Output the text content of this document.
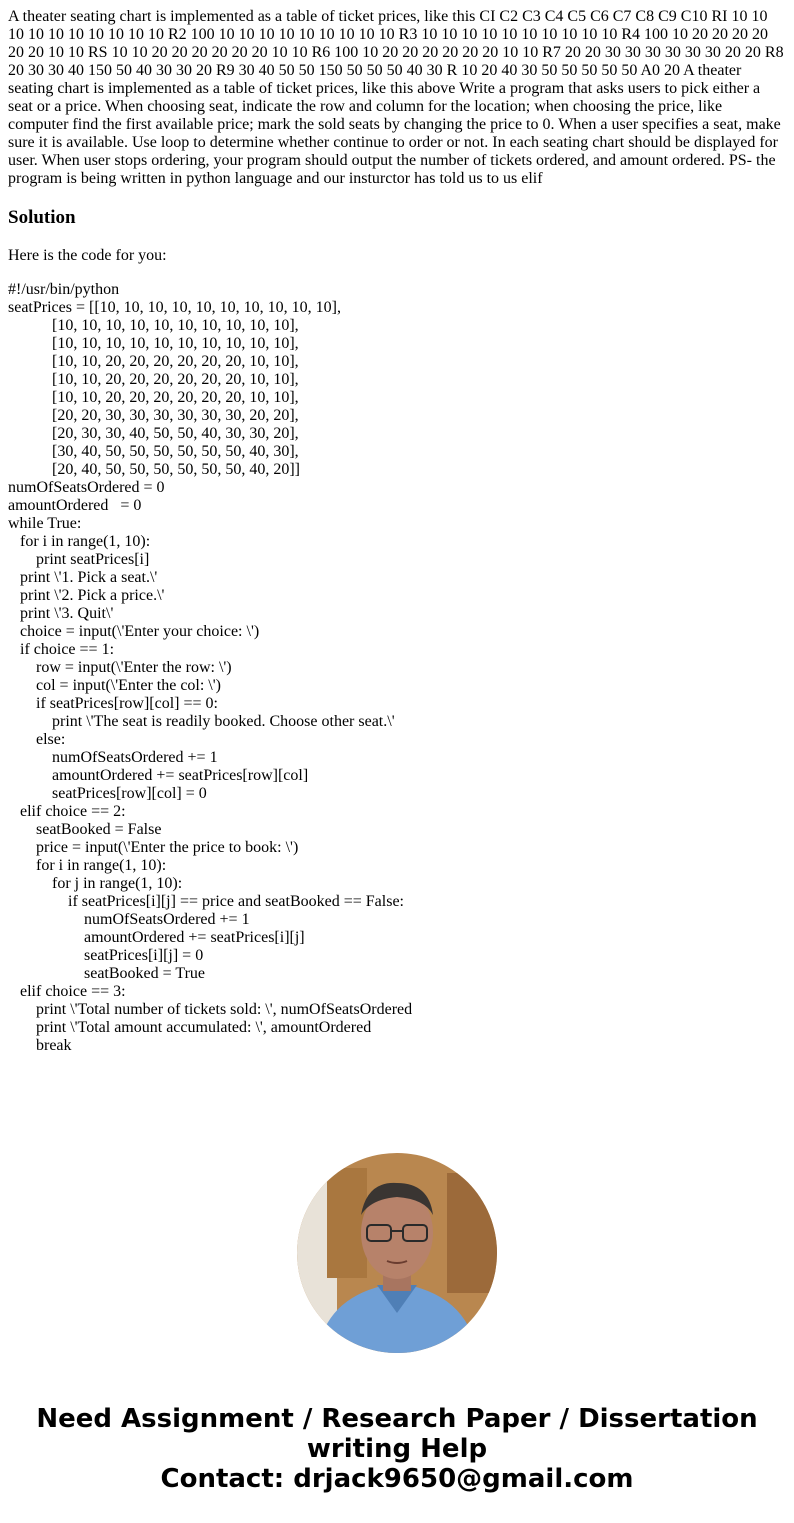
A theater seating chart is implemented as a table of ticket prices, like this CI C2 C3 C4 C5 C6 C7 C8 C9 C10 RI 10 10 10 10 10 10 10 10 10 10 R2 100 10 10 10 10 10 10 10 10 10 R3 10 10 10 10 10 10 10 10 10 10 R4 100 10 20 20 20 20 20 20 10 10 RS 10 10 20 20 20 20 20 20 10 10 R6 100 10 20 20 20 20 20 20 10 10 R7 20 20 30 30 30 30 30 30 20 20 R8 20 30 30 40 150 50 40 30 30 20 R9 30 40 50 50 150 50 50 50 40 30 R 10 20 40 30 50 50 50 50 50 A0 20 A theater seating chart is implemented as a table of ticket prices, like this above Write a program that asks users to pick either a seat or a price. When choosing seat, indicate the row and column for the location; when choosing the price, like computer find the first available price; mark the sold seats by changing the price to 0. When a user specifies a seat, make sure it is available. Use loop to determine whether continue to order or not. In each seating chart should be displayed for user. When user stops ordering, your program should output the number of tickets ordered, and amount ordered. PS- the program is being written in python language and our insturctor has told us to us elif

Solution

Here is the code for you:

#!/usr/bin/python
seatPrices = [[10, 10, 10, 10, 10, 10, 10, 10, 10, 10],
[10, 10, 10, 10, 10, 10, 10, 10, 10, 10],
[10, 10, 10, 10, 10, 10, 10, 10, 10, 10],
[10, 10, 20, 20, 20, 20, 20, 20, 10, 10],
[10, 10, 20, 20, 20, 20, 20, 20, 10, 10],
[10, 10, 20, 20, 20, 20, 20, 20, 10, 10],
[20, 20, 30, 30, 30, 30, 30, 30, 20, 20],
[20, 30, 30, 40, 50, 50, 40, 30, 30, 20],
[30, 40, 50, 50, 50, 50, 50, 50, 40, 30],
[20, 40, 50, 50, 50, 50, 50, 50, 40, 20]]
numOfSeatsOrdered = 0
amountOrdered   = 0
while True:
for i in range(1, 10):
print seatPrices[i]
print \'1. Pick a seat.\'
print \'2. Pick a price.\'
print \'3. Quit\'
choice = input(\'Enter your choice: \')
if choice == 1:
row = input(\'Enter the row: \')
col = input(\'Enter the col: \')
if seatPrices[row][col] == 0:
print \'The seat is readily booked. Choose other seat.\'
else:
numOfSeatsOrdered += 1
amountOrdered += seatPrices[row][col]
seatPrices[row][col] = 0
elif choice == 2:
seatBooked = False
price = input(\'Enter the price to book: \')
for i in range(1, 10):
for j in range(1, 10):
if seatPrices[i][j] == price and seatBooked == False:
numOfSeatsOrdered += 1
amountOrdered += seatPrices[i][j]
seatPrices[i][j] = 0
seatBooked = True
elif choice == 3:
print \'Total number of tickets sold: \', numOfSeatsOrdered
print \'Total amount accumulated: \', amountOrdered
break
Need Assignment / Research Paper / Dissertation
writing Help
Contact: drjack9650@gmail.com
